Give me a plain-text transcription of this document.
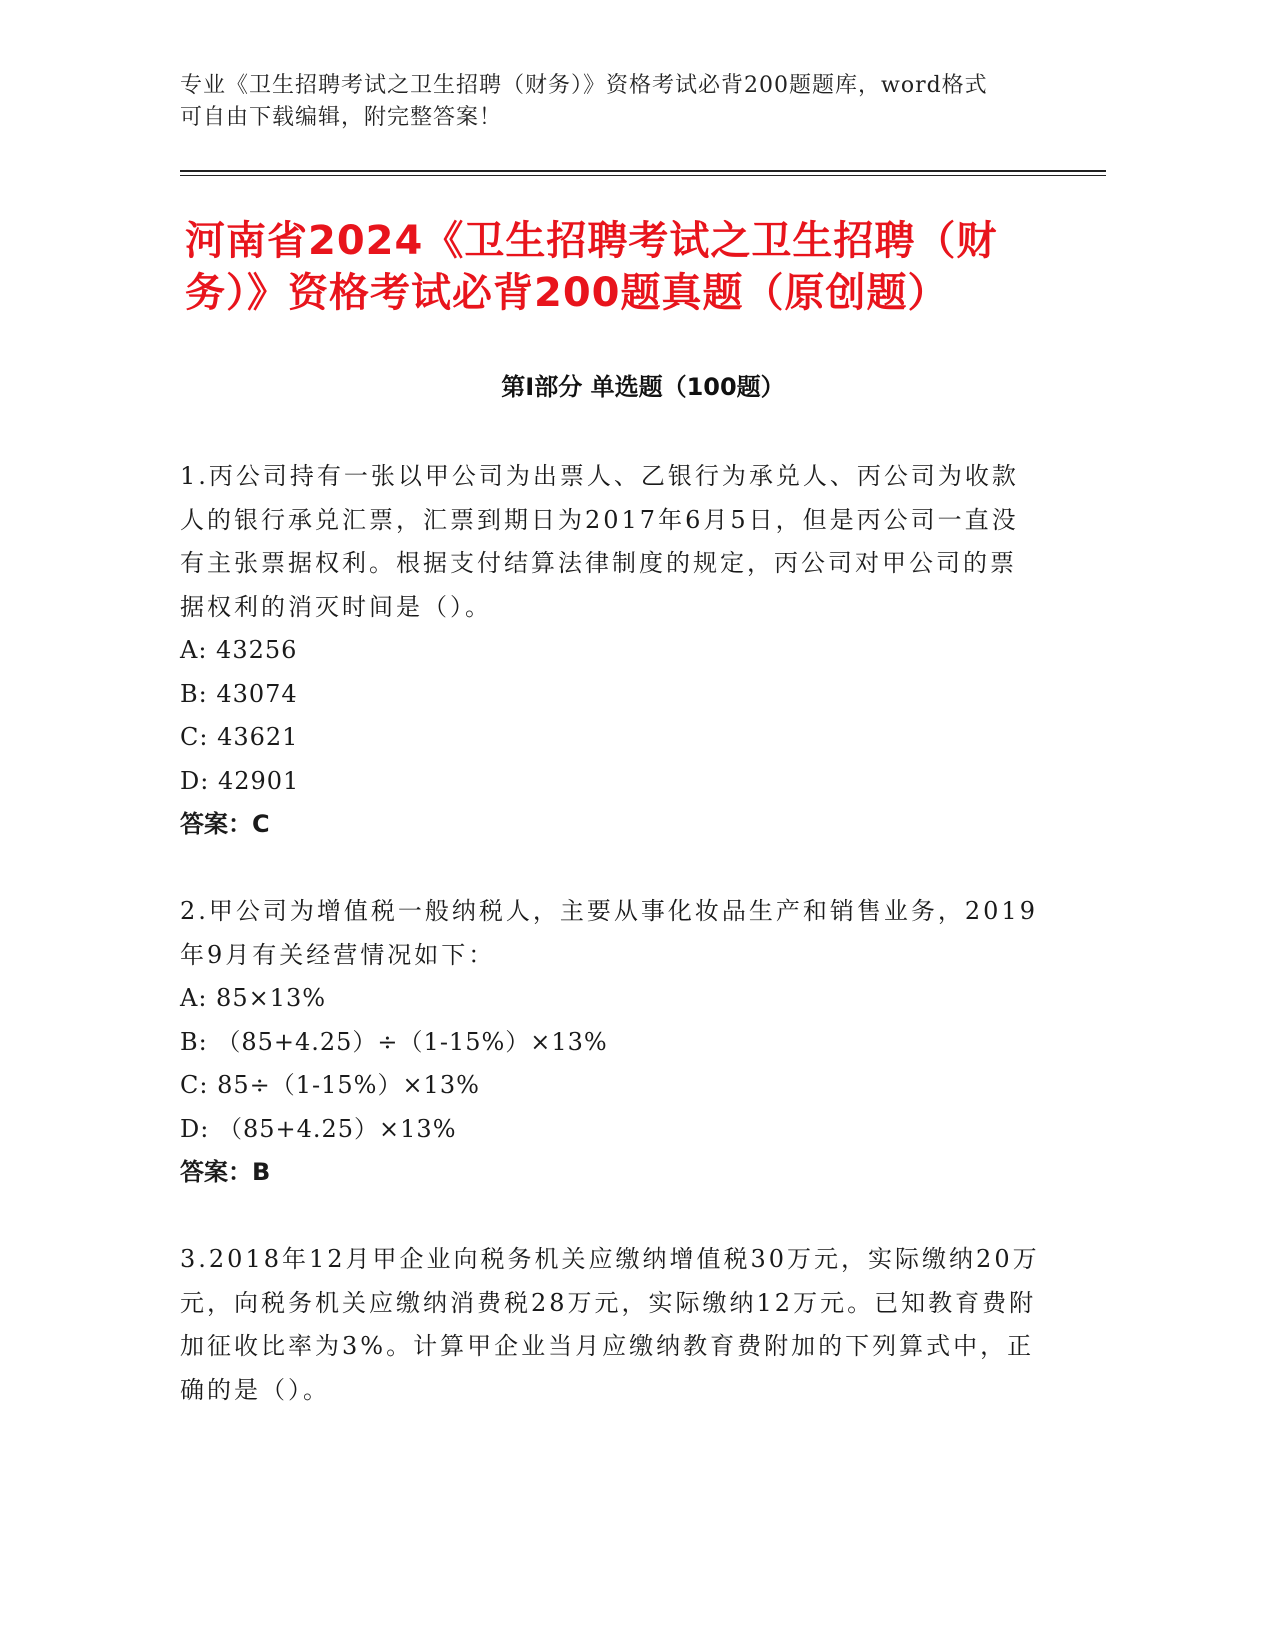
专业《卫生招聘考试之卫生招聘（财务）》资格考试必背200题题库，word格式
可自由下载编辑，附完整答案！
河南省2024《卫生招聘考试之卫生招聘（财
务）》资格考试必背200题真题（原创题）
第I部分 单选题（100题）

1.丙公司持有一张以甲公司为出票人、乙银行为承兑人、丙公司为收款人的银行承兑汇票，汇票到期日为2017年6月5日，但是丙公司一直没有主张票据权利。根据支付结算法律制度的规定，丙公司对甲公司的票据权利的消灭时间是（）。

A: 43256

B: 43074

C: 43621

D: 42901

答案：C

2.甲公司为增值税一般纳税人，主要从事化妆品生产和销售业务，2019年9月有关经营情况如下：

A: 85×13%

B: （85+4.25）÷（1-15%）×13%

C: 85÷（1-15%）×13%

D: （85+4.25）×13%

答案：B

3.2018年12月甲企业向税务机关应缴纳增值税30万元，实际缴纳20万元，向税务机关应缴纳消费税28万元，实际缴纳12万元。已知教育费附加征收比率为3%。计算甲企业当月应缴纳教育费附加的下列算式中，正确的是（）。
